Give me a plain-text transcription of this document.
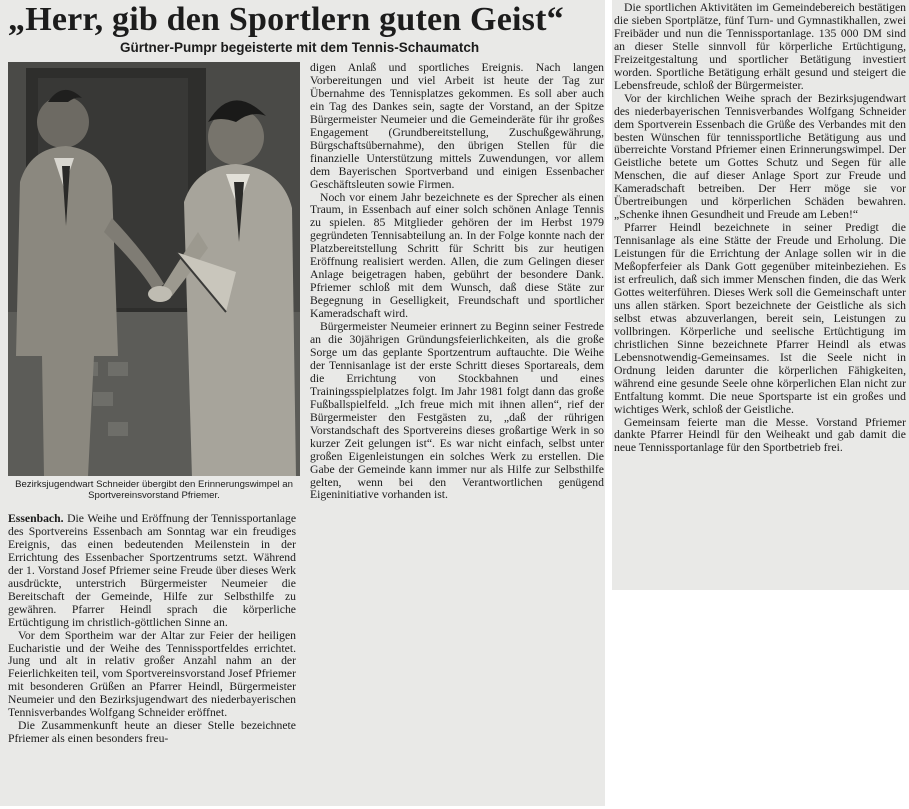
„Herr, gib den Sportlern guten Geist“
Gürtner-Pumpr begeisterte mit dem Tennis-Schaumatch
Bezirksjugendwart Schneider übergibt den Erinnerungswimpel an Sportvereinsvorstand Pfriemer.

Essenbach. Die Weihe und Eröffnung der Tennissportanlage des Sportvereins Essenbach am Sonntag war ein freudiges Ereignis, das einen bedeutenden Meilenstein in der Errichtung des Essenbacher Sportzentrums setzt. Während der 1. Vorstand Josef Pfriemer seine Freude über dieses Werk ausdrückte, unterstrich Bürgermeister Neumeier die Bereitschaft der Gemeinde, Hilfe zur Selbsthilfe zu gewähren. Pfarrer Heindl sprach die körperliche Ertüchtigung im christlich-göttlichen Sinne an.

Vor dem Sportheim war der Altar zur Feier der heiligen Eucharistie und der Weihe des Tennissportfeldes errichtet. Jung und alt in relativ großer Anzahl nahm an der Feierlichkeiten teil, vom Sportvereinsvorstand Josef Pfriemer mit besonderen Grüßen an Pfarrer Heindl, Bürgermeister Neumeier und den Bezirksjugendwart des niederbayerischen Tennisverbandes Wolfgang Schneider eröffnet.

Die Zusammenkunft heute an dieser Stelle bezeichnete Pfriemer als einen besonders freu-

digen Anlaß und sportliches Ereignis. Nach langen Vorbereitungen und viel Arbeit ist heute der Tag zur Übernahme des Tennisplatzes gekommen. Es soll aber auch ein Tag des Dankes sein, sagte der Vorstand, an der Spitze Bürgermeister Neumeier und die Gemeinderäte für ihr großes Engagement (Grundbereitstellung, Zuschußgewährung, Bürgschaftsübernahme), den übrigen Stellen für die finanzielle Unterstützung mittels Zuwendungen, vor allem dem Bayerischen Sportverband und einigen Essenbacher Geschäftsleuten sowie Firmen.

Noch vor einem Jahr bezeichnete es der Sprecher als einen Traum, in Essenbach auf einer solch schönen Anlage Tennis zu spielen. 85 Mitglieder gehören der im Herbst 1979 gegründeten Tennisabteilung an. In der Folge konnte nach der Platzbereitstellung Schritt für Schritt bis zur heutigen Eröffnung realisiert werden. Allen, die zum Gelingen dieser Anlage beigetragen haben, gebührt der besondere Dank. Pfriemer schloß mit dem Wunsch, daß diese Stäte zur Begegnung in Geselligkeit, Freundschaft und sportlicher Kameradschaft wird.

Bürgermeister Neumeier erinnert zu Beginn seiner Festrede an die 30jährigen Gründungsfeierlichkeiten, als die große Sorge um das geplante Sportzentrum auftauchte. Die Weihe der Tennisanlage ist der erste Schritt dieses Sportareals, dem die Errichtung von Stockbahnen und eines Trainingsspielplatzes folgt. Im Jahr 1981 folgt dann das große Fußballspielfeld. „Ich freue mich mit ihnen allen“, rief der Bürgermeister den Festgästen zu, „daß der rührigen Vorstandschaft des Sportvereins dieses großartige Werk in so kurzer Zeit gelungen ist“. Es war nicht einfach, selbst unter großen Eigenleistungen ein solches Werk zu erstellen. Die Gabe der Gemeinde kann immer nur als Hilfe zur Selbsthilfe gelten, wenn bei den Verantwortlichen genügend Eigeninitiative vorhanden ist.

Die sportlichen Aktivitäten im Gemeindebereich bestätigen die sieben Sportplätze, fünf Turn- und Gymnastikhallen, zwei Freibäder und nun die Tennissportanlage. 135 000 DM sind an dieser Stelle sinnvoll für körperliche Ertüchtigung, Freizeitgestaltung und sportlicher Betätigung investiert worden. Sportliche Betätigung erhält gesund und steigert die Lebensfreude, schloß der Bürgermeister.

Vor der kirchlichen Weihe sprach der Bezirksjugendwart des niederbayerischen Tennisverbandes Wolfgang Schneider dem Sportverein Essenbach die Grüße des Verbandes mit den besten Wünschen für tennissportliche Betätigung aus und überreichte Vorstand Pfriemer einen Erinnerungswimpel. Der Geistliche betete um Gottes Schutz und Segen für alle Menschen, die auf dieser Anlage Sport zur Freude und Kameradschaft betreiben. Der Herr möge sie vor Übertreibungen und körperlichen Schäden bewahren. „Schenke ihnen Gesundheit und Freude am Leben!“

Pfarrer Heindl bezeichnete in seiner Predigt die Tennisanlage als eine Stätte der Freude und Erholung. Die Leistungen für die Errichtung der Anlage sollen wir in die Meßopferfeier als Dank Gott gegenüber miteinbeziehen. Es ist erfreulich, daß sich immer Menschen finden, die das Werk Gottes weiterführen. Dieses Werk soll die Gemeinschaft unter uns allen stärken. Sport bezeichnete der Geistliche als sich selbst etwas abzuverlangen, bereit sein, Leistungen zu vollbringen. Körperliche und seelische Ertüchtigung im christlichen Sinne bezeichnete Pfarrer Heindl als etwas Lebensnotwendig-Gemeinsames. Ist die Seele nicht in Ordnung leiden darunter die körperlichen Fähigkeiten, während eine gesunde Seele ohne körperlichen Elan nicht zur Entfaltung kommt. Die neue Sportsparte ist ein großes und wichtiges Werk, schloß der Geistliche.

Gemeinsam feierte man die Messe. Vorstand Pfriemer dankte Pfarrer Heindl für den Weiheakt und gab damit die neue Tennissportanlage für den Sportbetrieb frei.
